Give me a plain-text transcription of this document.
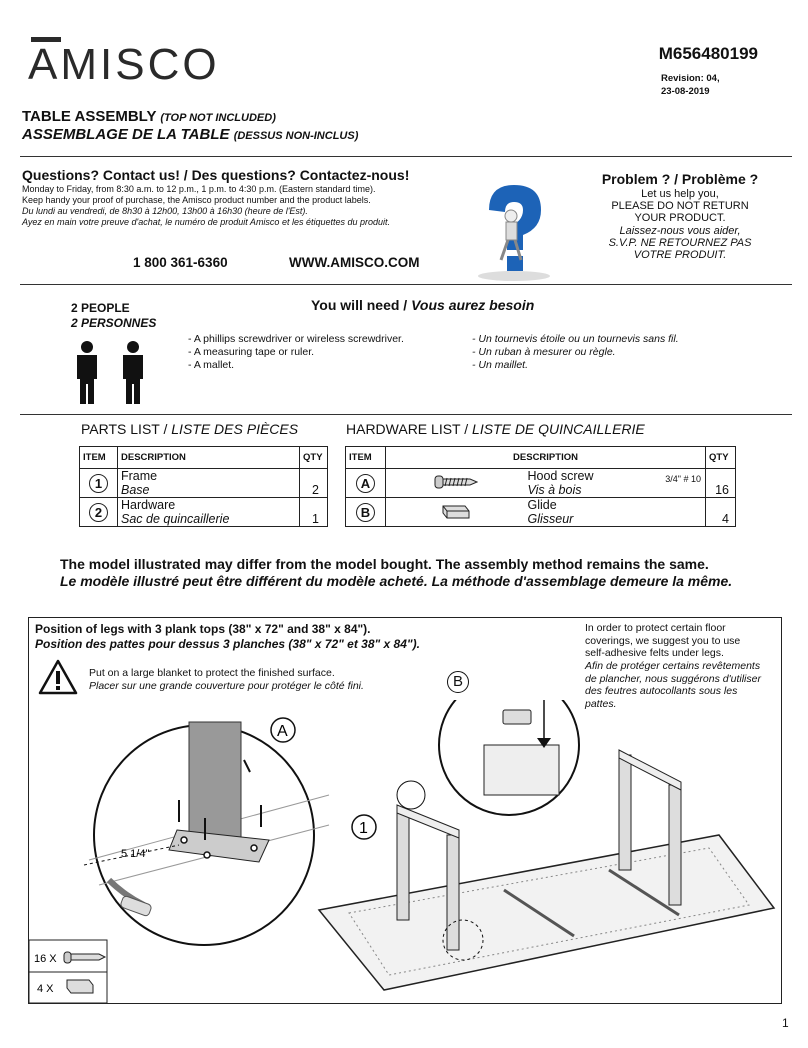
AMISCO	M656480199
Revision: 04,
23-08-2019
TABLE ASSEMBLY (TOP NOT INCLUDED)
ASSEMBLAGE DE LA TABLE (DESSUS NON-INCLUS)
Questions? Contact us! / Des questions? Contactez-nous!
Monday to Friday, from 8:30 a.m. to 12 p.m., 1 p.m. to 4:30 p.m. (Eastern standard time).
Keep handy your proof of purchase, the Amisco product number and the product labels.
Du lundi au vendredi, de 8h30 à 12h00, 13h00 à 16h30 (heure de l'Est).
Ayez en main votre preuve d'achat, le numéro de produit Amisco et les étiquettes du produit.
1 800 361-6360	WWW.AMISCO.COM
Problem ? / Problème ?
Let us help you,
PLEASE DO NOT RETURN
YOUR PRODUCT.
Laissez-nous vous aider,
S.V.P. NE RETOURNEZ PAS
VOTRE PRODUIT.
2 PEOPLE
2 PERSONNES
You will need / Vous aurez besoin
- A phillips screwdriver or wireless screwdriver.
- A measuring tape or ruler.
- A mallet.
- Un tournevis étoile ou un tournevis sans fil.
- Un ruban à mesurer ou règle.
- Un maillet.
PARTS LIST / LISTE DES PIÈCES
ITEM	DESCRIPTION	QTY
1	Frame
Base	2
2	Hardware
Sac de quincaillerie	1
HARDWARE LIST / LISTE DE QUINCAILLERIE
ITEM	DESCRIPTION		QTY
A		Hood screw
Vis à bois
3/4" # 10	16
B		Glide
Glisseur	4
The model illustrated may differ from the model bought. The assembly method remains the same.
Le modèle illustré peut être différent du modèle acheté. La méthode d'assemblage demeure la même.
Position of legs with 3 plank tops (38" x 72" and 38" x 84").
Position des pattes pour dessus 3 planches (38" x 72" et 38" x 84").
Put on a large blanket to protect the finished surface.
Placer sur une grande couverture pour protéger le côté fini.
In order to protect certain floor
coverings, we suggest you to use
self-adhesive felts under legs.
Afin de protéger certains revêtements
de plancher, nous suggérons d'utiliser
des feutres autocollants sous les
pattes.
5 1/4"
A
1
16 X
4 X
B
1
